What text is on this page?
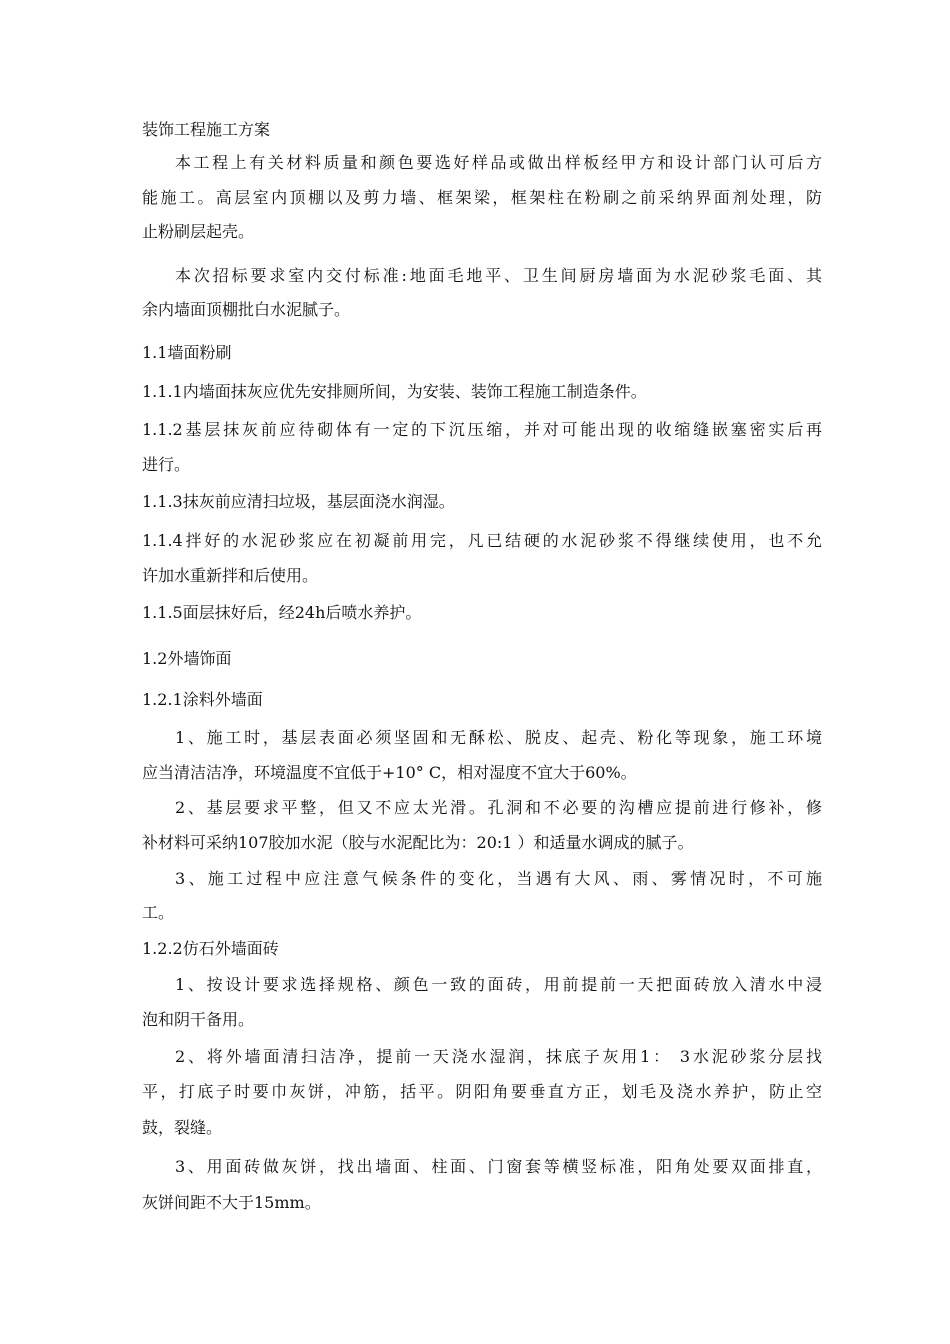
装饰工程施工方案
本工程上有关材料质量和颜色要选好样品或做出样板经甲方和设计部门认可后方
能施工。高层室内顶棚以及剪力墙、框架梁，框架柱在粉刷之前采纳界面剂处理，防
止粉刷层起壳。
本次招标要求室内交付标准:地面毛地平、卫生间厨房墙面为水泥砂浆毛面、其
余内墙面顶棚批白水泥腻子。
1.1墙面粉刷
1.1.1内墙面抹灰应优先安排厕所间，为安装、装饰工程施工制造条件。
1.1.2基层抹灰前应待砌体有一定的下沉压缩，并对可能出现的收缩缝嵌塞密实后再
进行。
1.1.3抹灰前应清扫垃圾，基层面浇水润湿。
1.1.4拌好的水泥砂浆应在初凝前用完，凡已结硬的水泥砂浆不得继续使用，也不允
许加水重新拌和后使用。
1.1.5面层抹好后，经24h后喷水养护。
1.2外墙饰面
1.2.1涂料外墙面
1、施工时，基层表面必须坚固和无酥松、脱皮、起壳、粉化等现象，施工环境
应当清洁洁净，环境温度不宜低于+10° C，相对湿度不宜大于60%。
2、基层要求平整，但又不应太光滑。孔洞和不必要的沟槽应提前进行修补，修
补材料可采纳107胶加水泥（胶与水泥配比为：20:1 ）和适量水调成的腻子。
3、施工过程中应注意气候条件的变化，当遇有大风、雨、雾情况时，不可施
工。
1.2.2仿石外墙面砖
1、按设计要求选择规格、颜色一致的面砖，用前提前一天把面砖放入清水中浸
泡和阴干备用。
2、将外墙面清扫洁净，提前一天浇水湿润，抹底子灰用1： 3水泥砂浆分层找
平，打底子时要巾灰饼，冲筋，括平。阴阳角要垂直方正，划毛及浇水养护，防止空
鼓，裂缝。
3、用面砖做灰饼，找出墙面、柱面、门窗套等横竖标准，阳角处要双面排直，
灰饼间距不大于15mm。
